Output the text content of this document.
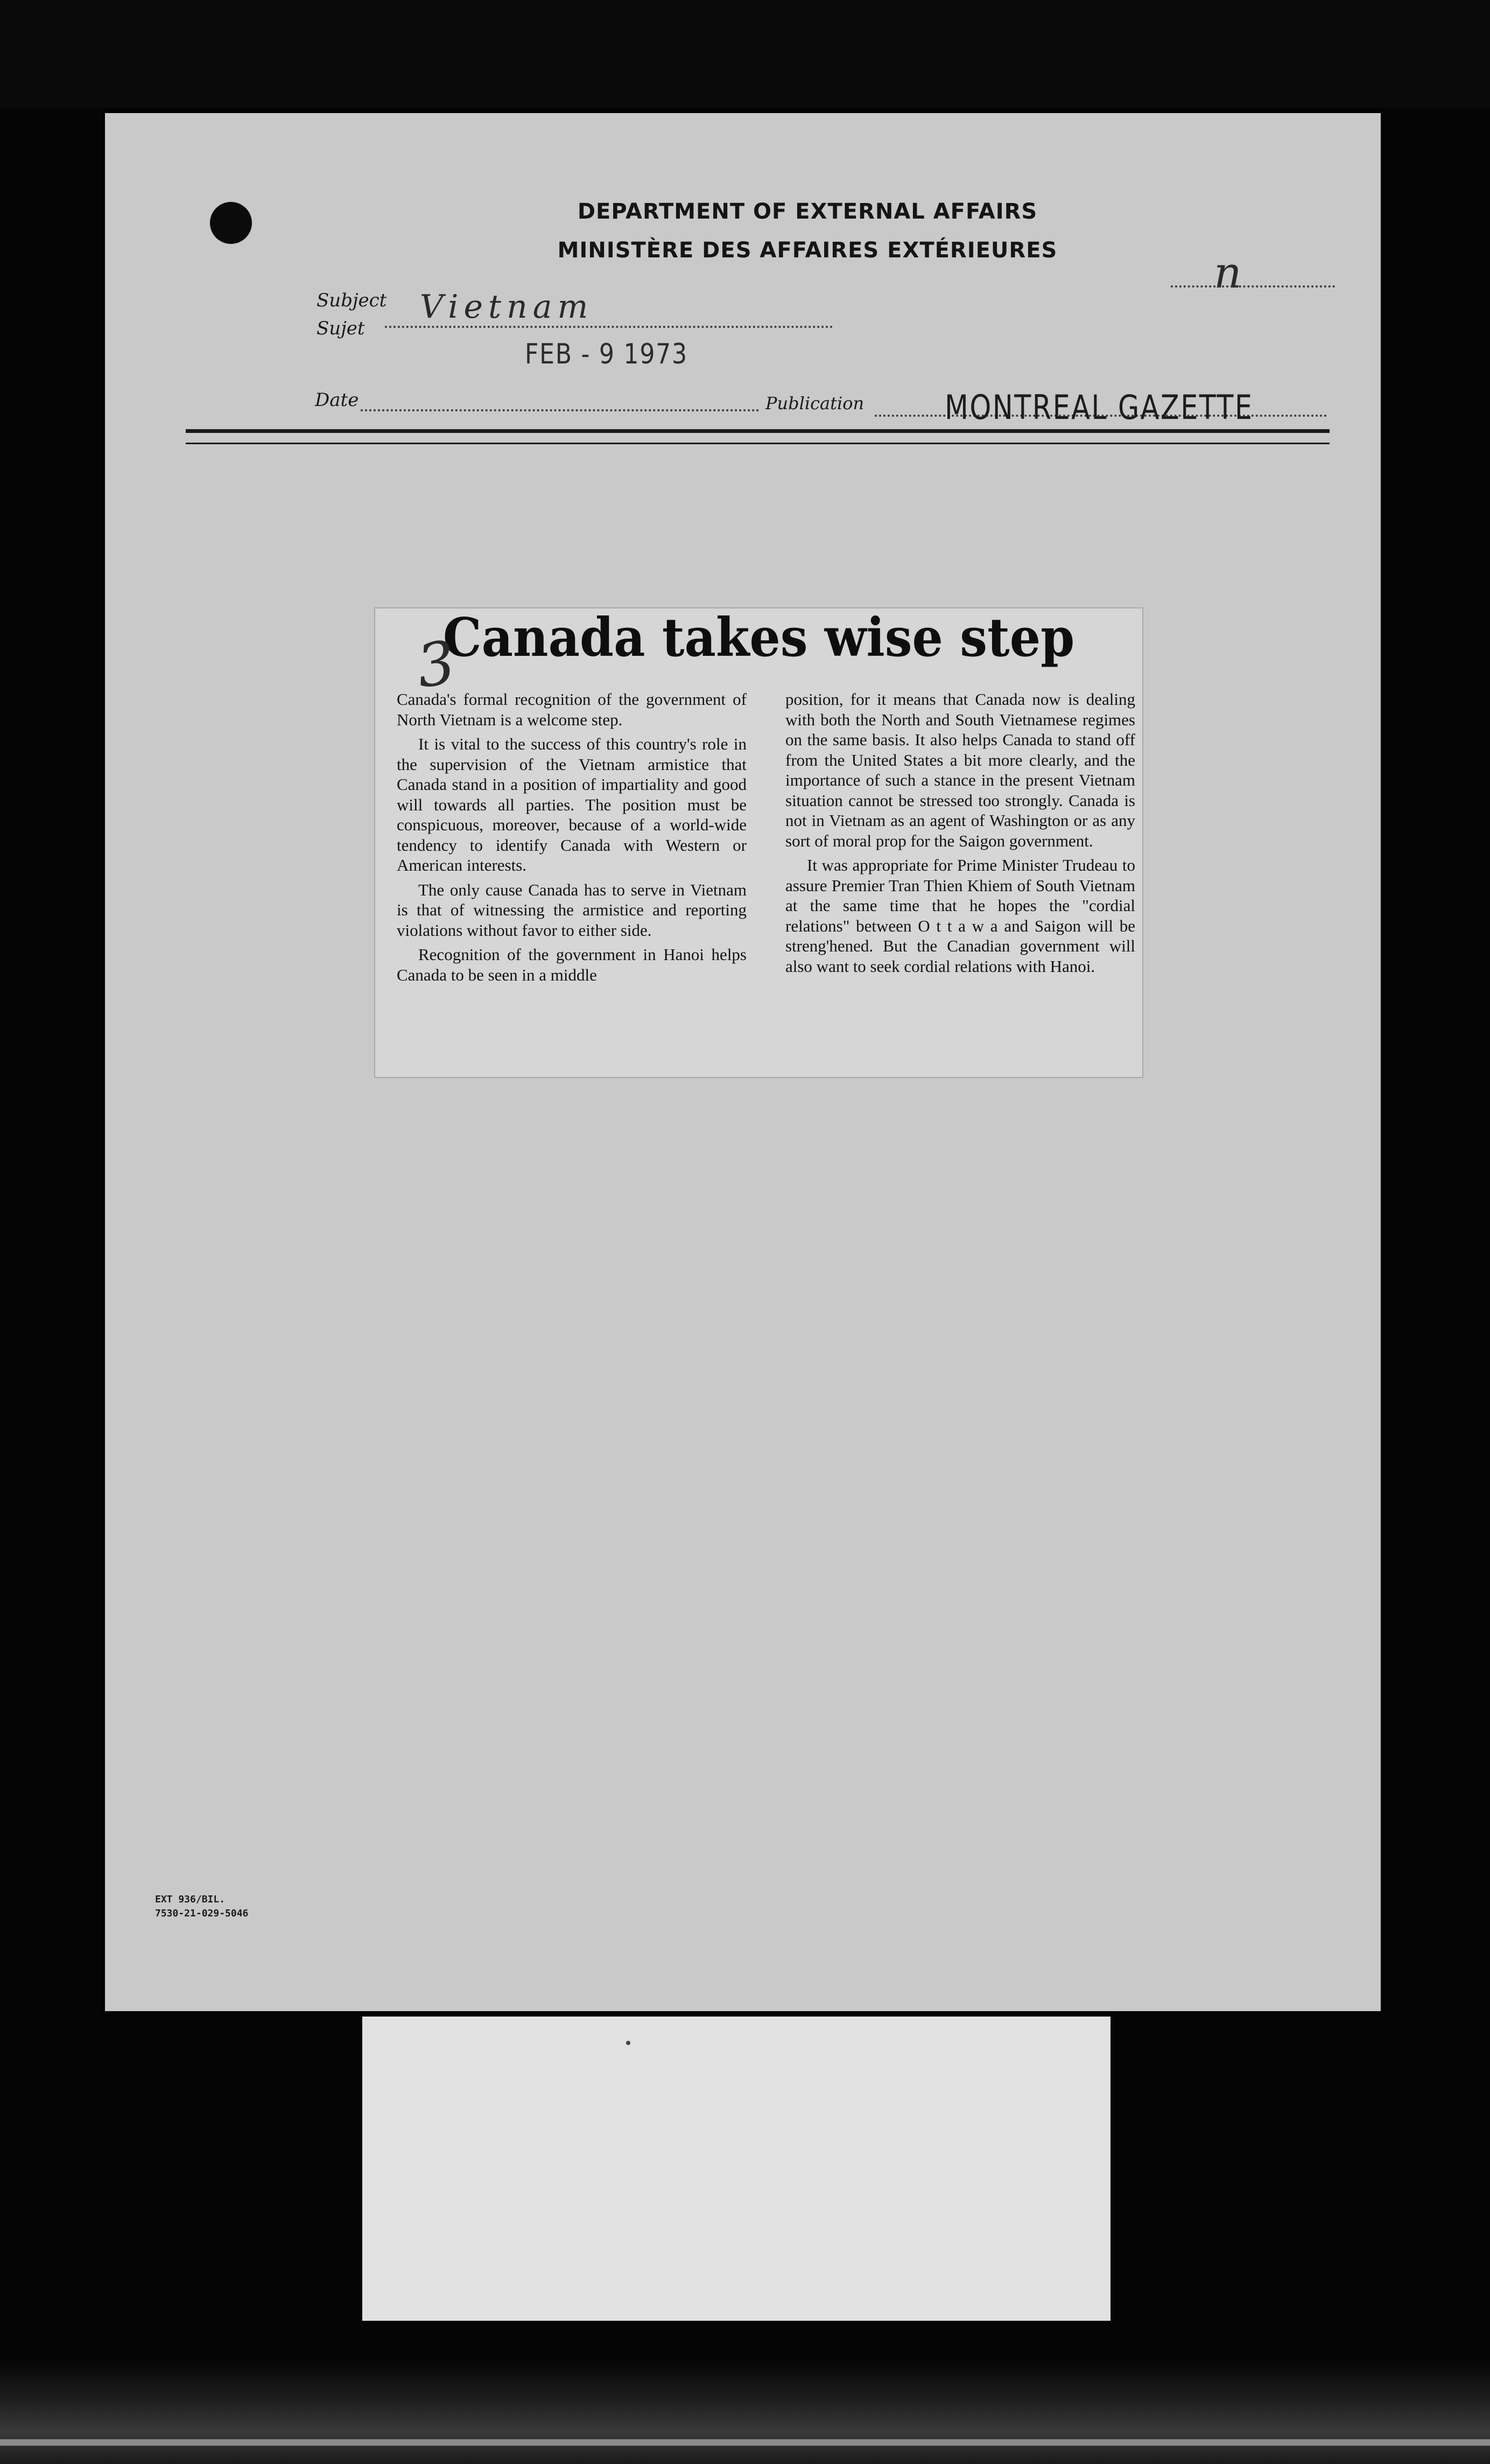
DEPARTMENT OF EXTERNAL AFFAIRS
MINISTÈRE DES AFFAIRES EXTÉRIEURES	n
Subject
Sujet
Vietnam
FEB - 9 1973
Date	Publication MONTREAL GAZETTE
Canada takes wise step

Canada's formal recognition of the government of North Vietnam is a welcome step.

It is vital to the success of this country's role in the supervision of the Vietnam armistice that Canada stand in a position of impartiality and good will towards all parties. The position must be conspicuous, moreover, because of a world-wide tendency to identify Canada with Western or American interests.

The only cause Canada has to serve in Vietnam is that of witnessing the armistice and reporting violations without favor to either side.

Recognition of the government in Hanoi helps Canada to be seen in a middle

position, for it means that Canada now is dealing with both the North and South Vietnamese regimes on the same basis. It also helps Canada to stand off from the United States a bit more clearly, and the importance of such a stance in the present Vietnam situation cannot be stressed too strongly. Canada is not in Vietnam as an agent of Washington or as any sort of moral prop for the Saigon government.

It was appropriate for Prime Minister Trudeau to assure Premier Tran Thien Khiem of South Vietnam at the same time that he hopes the "cordial relations" between O t t a w a and Saigon will be streng'hened. But the Canadian government will also want to seek cordial relations with Hanoi.

3
EXT 936/BIL.
7530-21-029-5046
